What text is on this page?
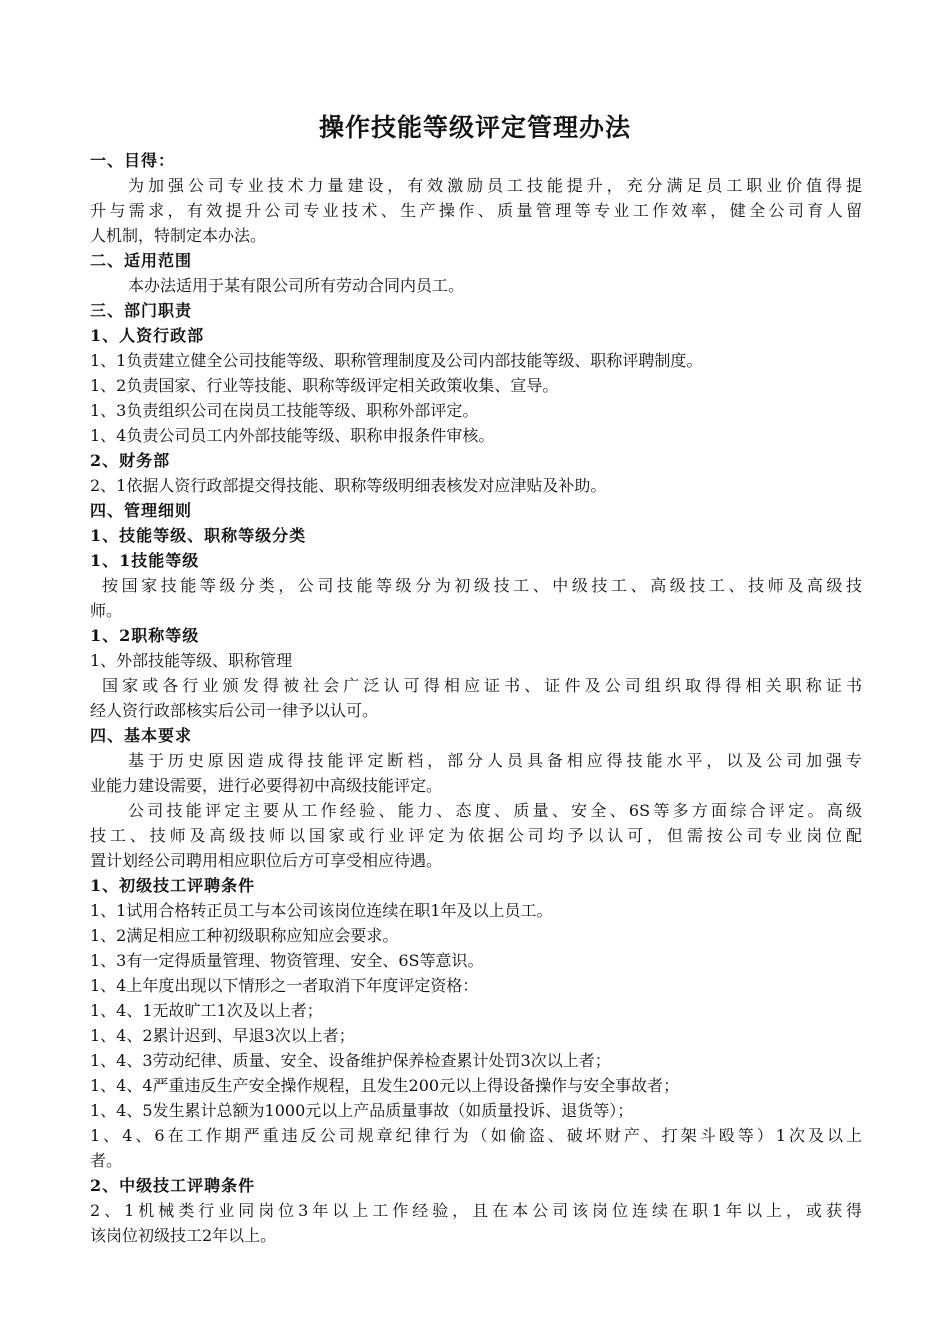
操作技能等级评定管理办法
一、目得：
为加强公司专业技术力量建设，有效激励员工技能提升，充分满足员工职业价值得提
升与需求，有效提升公司专业技术、生产操作、质量管理等专业工作效率，健全公司育人留
人机制，特制定本办法。
二、适用范围
本办法适用于某有限公司所有劳动合同内员工。
三、部门职责
1、人资行政部
1、1负责建立健全公司技能等级、职称管理制度及公司内部技能等级、职称评聘制度。
1、2负责国家、行业等技能、职称等级评定相关政策收集、宣导。
1、3负责组织公司在岗员工技能等级、职称外部评定。
1、4负责公司员工内外部技能等级、职称申报条件审核。
2、财务部
2、1依据人资行政部提交得技能、职称等级明细表核发对应津贴及补助。
四、管理细则
1、技能等级、职称等级分类
1、1技能等级
按国家技能等级分类，公司技能等级分为初级技工、中级技工、高级技工、技师及高级技
师。
1、2职称等级
1、外部技能等级、职称管理
国家或各行业颁发得被社会广泛认可得相应证书、证件及公司组织取得得相关职称证书
经人资行政部核实后公司一律予以认可。
四、基本要求
基于历史原因造成得技能评定断档，部分人员具备相应得技能水平，以及公司加强专
业能力建设需要，进行必要得初中高级技能评定。
公司技能评定主要从工作经验、能力、态度、质量、安全、6S等多方面综合评定。高级
技工、技师及高级技师以国家或行业评定为依据公司均予以认可，但需按公司专业岗位配
置计划经公司聘用相应职位后方可享受相应待遇。
1、初级技工评聘条件
1、1试用合格转正员工与本公司该岗位连续在职1年及以上员工。
1、2满足相应工种初级职称应知应会要求。
1、3有一定得质量管理、物资管理、安全、6S等意识。
1、4上年度出现以下情形之一者取消下年度评定资格：
1、4、1无故旷工1次及以上者；
1、4、2累计迟到、早退3次以上者；
1、4、3劳动纪律、质量、安全、设备维护保养检查累计处罚3次以上者；
1、4、4严重违反生产安全操作规程，且发生200元以上得设备操作与安全事故者；
1、4、5发生累计总额为1000元以上产品质量事故（如质量投诉、退货等）；
1、4、6在工作期严重违反公司规章纪律行为（如偷盗、破坏财产、打架斗殴等）1次及以上
者。
2、中级技工评聘条件
2、1机械类行业同岗位3年以上工作经验，且在本公司该岗位连续在职1年以上，或获得
该岗位初级技工2年以上。
